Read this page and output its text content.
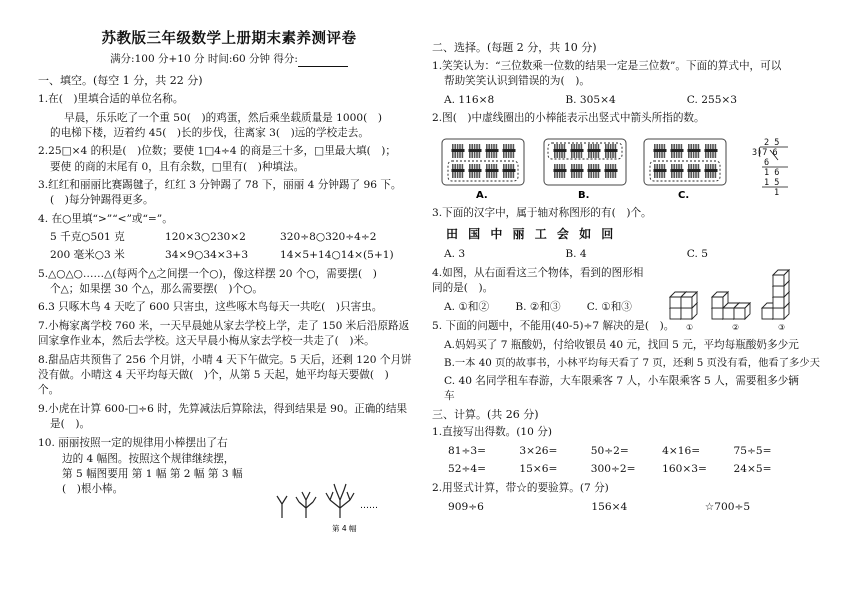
苏教版三年级数学上册期末素养测评卷
满分:100 分+10 分 时间:60 分钟 得分:
一、填空。(每空 1 分，共 22 分)

1.在(　)里填合适的单位名称。

早晨，乐乐吃了一个重 50(　)的鸡蛋，然后乘坐载质量是 1000(　)

的电梯下楼，迈着约 45(　)长的步伐，往离家 3(　)远的学校走去。

2.25□×4 的积是(　)位数；要使 1□4÷4 的商是三十多，□里最大填(　)；

要使 的商的末尾有 0，且有余数，□里有(　)种填法。

3.红红和丽丽比赛踢毽子，红红 3 分钟踢了 78 下，丽丽 4 分钟踢了 96 下。

(　)每分钟踢得更多。

4. 在○里填“>”“<”或“=”。

5 千克○501 克	120×3○230×2	320÷8○320÷4÷2
200 毫米○3 米	34×9○34×3+3	14×5+14○14×(5+1)

5.△○△○……△(每两个△之间摆一个○)，像这样摆 20 个○，需要摆(　)

个△；如果摆 30 个△，那么需要摆(　)个○。

6.3 只啄木鸟 4 天吃了 600 只害虫，这些啄木鸟每天一共吃(　)只害虫。

7.小梅家离学校 760 米，一天早晨她从家去学校上学，走了 150 米后沿原路返

回家拿作业本，然后去学校。这天早晨小梅从家去学校一共走了(　)米。

8.甜品店共预售了 256 个月饼，小晴 4 天下午做完。5 天后，还剩 120 个月饼

没有做。小晴这 4 天平均每天做(　)个，从第 5 天起，她平均每天要做(　)

个。

9.小虎在计算 600-□÷6 时，先算减法后算除法，得到结果是 90。正确的结果

是(　)。

10. 丽丽按照一定的规律用小棒摆出了右

边的 4 幅图。按照这个规律继续摆，

第 5 幅图要用 第 1 幅 第 2 幅 第 3 幅

(　)根小棒。

……
第 4 幅
二、选择。(每题 2 分，共 10 分)

1.笑笑认为：“三位数乘一位数的结果一定是三位数”。下面的算式中，可以

帮助笑笑认识到错误的为(　)。

A. 116×8	B. 305×4	C. 255×3

2.图(　)中虚线圈出的小棒能表示出竖式中箭头所指的数。

A.	B.	C.
2 5
3)7 6
6
1 6
1 5
1

3.下面的汉字中，属于轴对称图形的有(　)个。

田 国 中 丽 工 会 如 回

A. 3	B. 4	C. 5

4.如图，从右面看这三个物体，看到的图形相

同的是(　)。

A. ①和② B. ②和③ C. ①和③

5. 下面的问题中，不能用(40-5)÷7 解决的是(　)。

A.妈妈买了 7 瓶酸奶，付给收银员 40 元，找回 5 元，平均每瓶酸奶多少元

B.一本 40 页的故事书，小林平均每天看了 7 页，还剩 5 页没有看，他看了多少天

C. 40 名同学租车春游，大车限乘客 7 人，小车限乘客 5 人，需要租多少辆

车

三、计算。(共 26 分)

1.直接写出得数。(10 分)

81÷3=	3×26=	50÷2=	4×16=	75÷5=
52÷4=	15×6=	300÷2=	160×3=	24×5=

2.用竖式计算，带☆的要验算。(7 分)

909÷6	156×4	☆700÷5
①	②	③
